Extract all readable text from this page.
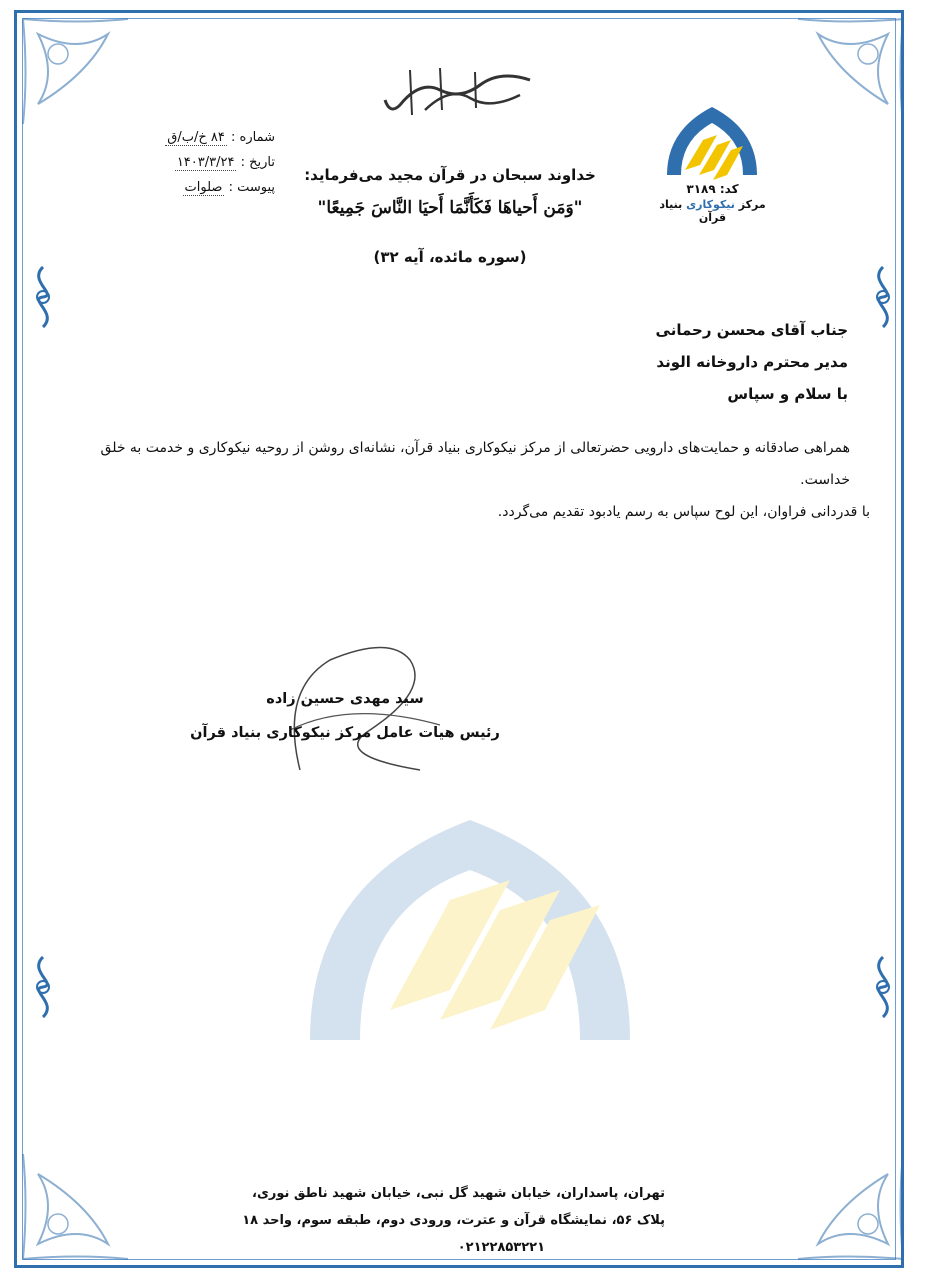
کد: ۳۱۸۹
مرکز نیکوکاری بنیاد قرآن
شماره : ۸۴ خ/ب/ق
تاریخ : ۱۴۰۳/۳/۲۴
پیوست : صلوات
خداوند سبحان در قرآن مجید می‌فرماید:
"وَمَن أَحياهَا فَكَأَنَّمَا أَحيَا النَّاسَ جَمِيعًا"
(سوره مائده، آیه ۳۲)
جناب آقای محسن رحمانی
مدیر محترم داروخانه الوند
با سلام و سپاس

همراهی صادقانه و حمایت‌های دارویی حضرتعالی از مرکز نیکوکاری بنیاد قرآن، نشانه‌ای روشن از روحیه نیکوکاری و خدمت به خلق خداست.

با قدردانی فراوان، این لوح سپاس به رسم یادبود تقدیم می‌گردد.

سید مهدی حسین زاده
رئیس هیات عامل مرکز نیکوکاری بنیاد قرآن
تهران، پاسداران، خیابان شهید گل نبی، خیابان شهید ناطق نوری،
پلاک ۵۶، نمایشگاه قرآن و عترت، ورودی دوم، طبقه سوم، واحد ۱۸
۰۲۱۲۲۸۵۳۲۲۱
